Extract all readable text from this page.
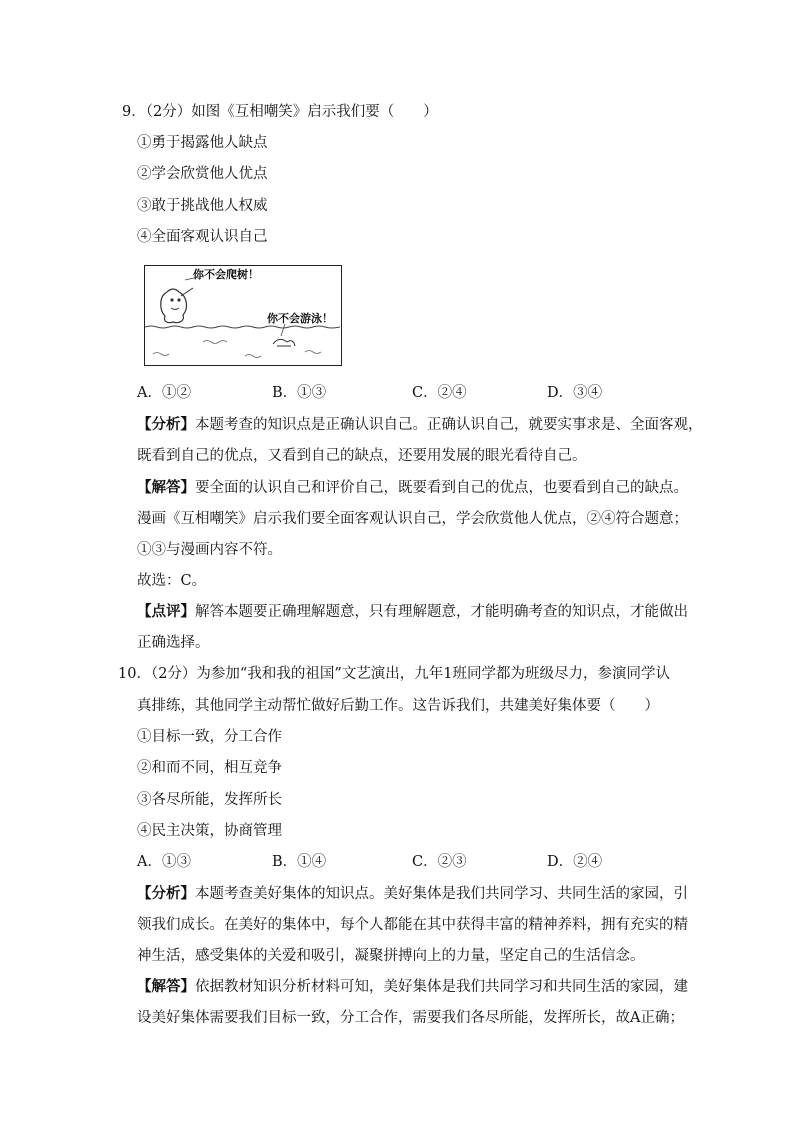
9．（2分）如图《互相嘲笑》启示我们要（　　）
①勇于揭露他人缺点
②学会欣赏他人优点
③敢于挑战他人权威
④全面客观认识自己
你不会爬树！
你不会游泳！
A．①②	B．①③	C．②④	D．③④
【分析】本题考查的知识点是正确认识自己。正确认识自己，就要实事求是、全面客观，
既看到自己的优点，又看到自己的缺点，还要用发展的眼光看待自己。
【解答】要全面的认识自己和评价自己，既要看到自己的优点，也要看到自己的缺点。
漫画《互相嘲笑》启示我们要全面客观认识自己，学会欣赏他人优点，②④符合题意；
①③与漫画内容不符。
故选：C。
【点评】解答本题要正确理解题意，只有理解题意，才能明确考查的知识点，才能做出
正确选择。
10．（2分）为参加“我和我的祖国”文艺演出，九年1班同学都为班级尽力，参演同学认
真排练，其他同学主动帮忙做好后勤工作。这告诉我们，共建美好集体要（　　）
①目标一致，分工合作
②和而不同，相互竞争
③各尽所能，发挥所长
④民主决策，协商管理
A．①③	B．①④	C．②③	D．②④
【分析】本题考查美好集体的知识点。美好集体是我们共同学习、共同生活的家园，引
领我们成长。在美好的集体中，每个人都能在其中获得丰富的精神养料，拥有充实的精
神生活，感受集体的关爱和吸引，凝聚拼搏向上的力量，坚定自己的生活信念。
【解答】依据教材知识分析材料可知，美好集体是我们共同学习和共同生活的家园，建
设美好集体需要我们目标一致，分工合作，需要我们各尽所能，发挥所长，故A正确；
